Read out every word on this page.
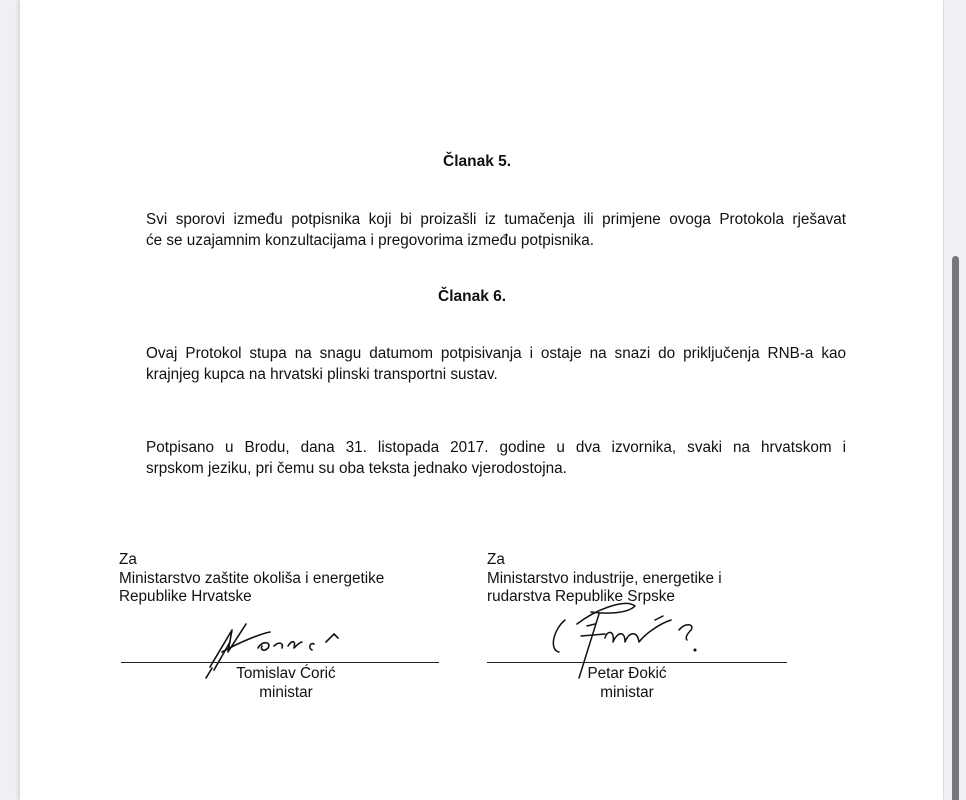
Članak 5.
Svi sporovi između potpisnika koji bi proizašli iz tumačenja ili primjene ovoga Protokola rješavat
će se uzajamnim konzultacijama i pregovorima između potpisnika.
Članak 6.
Ovaj Protokol stupa na snagu datumom potpisivanja i ostaje na snazi do priključenja RNB-a kao
krajnjeg kupca na hrvatski plinski transportni sustav.
Potpisano u Brodu, dana 31. listopada 2017. godine u dva izvornika, svaki na hrvatskom i
srpskom jeziku, pri čemu su oba teksta jednako vjerodostojna.
Za
Ministarstvo zaštite okoliša i energetike
Republike Hrvatske
Tomislav Ćorić
ministar
Za
Ministarstvo industrije, energetike i
rudarstva Republike Srpske
Petar Đokić
ministar
